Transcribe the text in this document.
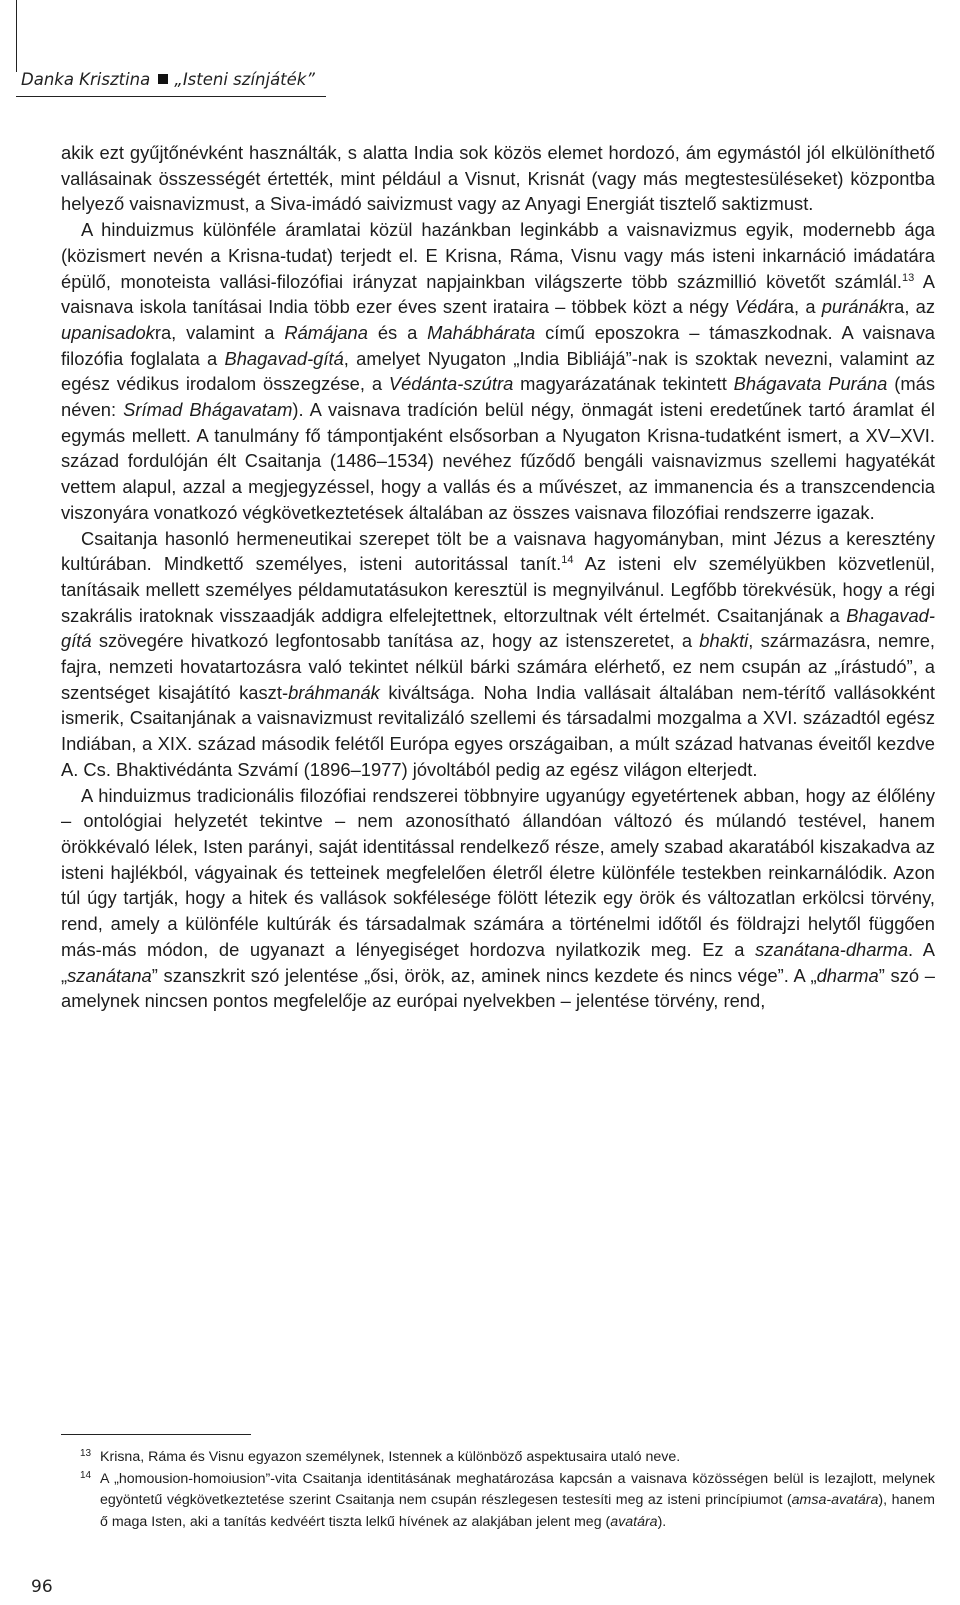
Danka Krisztina „Isteni színjáték”

akik ezt gyűjtőnévként használták, s alatta India sok közös elemet hordozó, ám egymástól jól elkülöníthető vallásainak összességét értették, mint például a Visnut, Krisnát (vagy más megtestesüléseket) központba helyező vaisnavizmust, a Siva-imádó saivizmust vagy az Anyagi Energiát tisztelő saktizmust.

A hinduizmus különféle áramlatai közül hazánkban leginkább a vaisnavizmus egyik, modernebb ága (közismert nevén a Krisna-tudat) terjedt el. E Krisna, Ráma, Visnu vagy más isteni inkarnáció imádatára épülő, monoteista vallási-filozófiai irányzat napjainkban világszerte több százmillió követőt számlál.$^{13}$ A vaisnava iskola tanításai India több ezer éves szent irataira – többek közt a négy Védára, a puránákra, az upanisadokra, valamint a Rámájana és a Mahábhárata című eposzokra – támaszkodnak. A vaisnava filozófia foglalata a Bhagavad-gítá, amelyet Nyugaton „India Bibliájá”-nak is szoktak nevezni, valamint az egész védikus irodalom összegzése, a Védánta-szútra magyarázatának tekintett Bhágavata Purána (más néven: Srímad Bhágavatam). A vaisnava tradíción belül négy, önmagát isteni eredetűnek tartó áramlat él egymás mellett. A tanulmány fő támpontjaként elsősorban a Nyugaton Krisna-tudatként ismert, a XV–XVI. század fordulóján élt Csaitanja (1486–1534) nevéhez fűződő bengáli vaisnavizmus szellemi hagyatékát vettem alapul, azzal a megjegyzéssel, hogy a vallás és a művészet, az immanencia és a transzcendencia viszonyára vonatkozó végkövetkeztetések általában az összes vaisnava filozófiai rendszerre igazak.

Csaitanja hasonló hermeneutikai szerepet tölt be a vaisnava hagyományban, mint Jézus a keresztény kultúrában. Mindkettő személyes, isteni autoritással tanít.$^{14}$ Az isteni elv személyükben közvetlenül, tanításaik mellett személyes példamutatásukon keresztül is megnyilvánul. Legfőbb törekvésük, hogy a régi szakrális iratoknak visszaadják addigra elfelejtettnek, eltorzultnak vélt értelmét. Csaitanjának a Bhagavad-gítá szövegére hivatkozó legfontosabb tanítása az, hogy az istenszeretet, a bhakti, származásra, nemre, fajra, nemzeti hovatartozásra való tekintet nélkül bárki számára elérhető, ez nem csupán az „írástudó”, a szentséget kisajátító kaszt-bráhmanák kiváltsága. Noha India vallásait általában nem-térítő vallásokként ismerik, Csaitanjának a vaisnavizmust revitalizáló szellemi és társadalmi mozgalma a XVI. századtól egész Indiában, a XIX. század második felétől Európa egyes országaiban, a múlt század hatvanas éveitől kezdve A. Cs. Bhaktivédánta Szvámí (1896–1977) jóvoltából pedig az egész világon elterjedt.

A hinduizmus tradicionális filozófiai rendszerei többnyire ugyanúgy egyetértenek abban, hogy az élőlény – ontológiai helyzetét tekintve – nem azonosítható állandóan változó és múlandó testével, hanem örökkévaló lélek, Isten parányi, saját identitással rendelkező része, amely szabad akaratából kiszakadva az isteni hajlékból, vágyainak és tetteinek megfelelően életről életre különféle testekben reinkarnálódik. Azon túl úgy tartják, hogy a hitek és vallások sokfélesége fölött létezik egy örök és változatlan erkölcsi törvény, rend, amely a különféle kultúrák és társadalmak számára a történelmi időtől és földrajzi helytől függően más-más módon, de ugyanazt a lényegiséget hordozva nyilatkozik meg. Ez a szanátana-dharma. A „szanátana” szanszkrit szó jelentése „ősi, örök, az, aminek nincs kezdete és nincs vége”. A „dharma” szó – amelynek nincsen pontos megfelelője az európai nyelvekben – jelentése törvény, rend,

13 Krisna, Ráma és Visnu egyazon személynek, Istennek a különböző aspektusaira utaló neve.

14 A „homousion-homoiusion”-vita Csaitanja identitásának meghatározása kapcsán a vaisnava közösségen belül is lezajlott, melynek egyöntetű végkövetkeztetése szerint Csaitanja nem csupán részlegesen testesíti meg az isteni princípiumot (amsa-avatára), hanem ő maga Isten, aki a tanítás kedvéért tiszta lelkű hívének az alakjában jelent meg (avatára).

96
